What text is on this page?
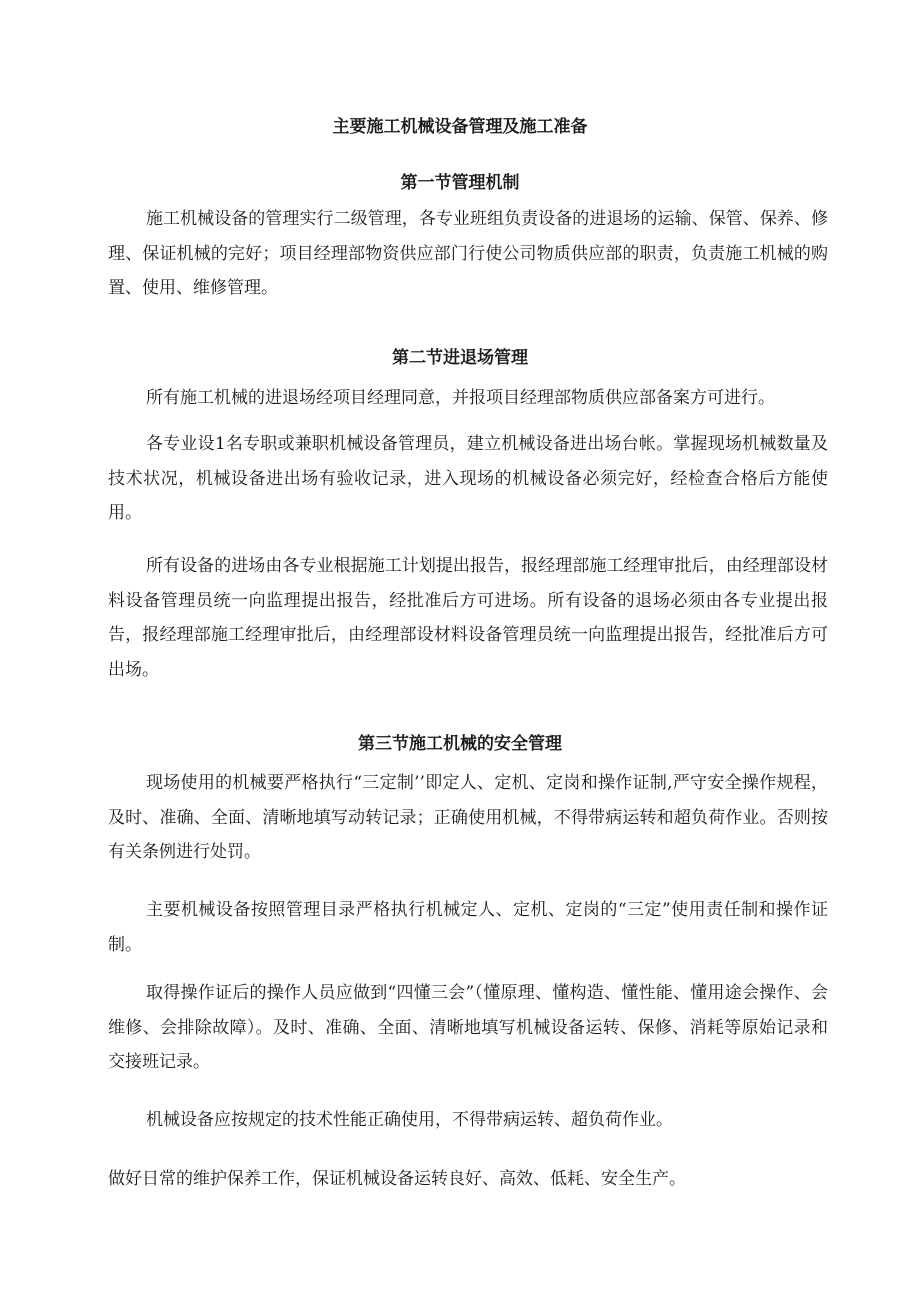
主要施工机械设备管理及施工准备
第一节管理机制

施工机械设备的管理实行二级管理，各专业班组负责设备的进退场的运输、保管、保养、修理、保证机械的完好；项目经理部物资供应部门行使公司物质供应部的职责，负责施工机械的购置、使用、维修管理。

第二节进退场管理

所有施工机械的进退场经项目经理同意，并报项目经理部物质供应部备案方可进行。

各专业设1名专职或兼职机械设备管理员，建立机械设备进出场台帐。掌握现场机械数量及技术状况，机械设备进出场有验收记录，进入现场的机械设备必须完好，经检查合格后方能使用。

所有设备的进场由各专业根据施工计划提出报告，报经理部施工经理审批后，由经理部设材料设备管理员统一向监理提出报告，经批准后方可进场。所有设备的退场必须由各专业提出报告，报经理部施工经理审批后，由经理部设材料设备管理员统一向监理提出报告，经批准后方可出场。

第三节施工机械的安全管理

现场使用的机械要严格执行“三定制’’即定人、定机、定岗和操作证制,严守安全操作规程，及时、准确、全面、清晰地填写动转记录；正确使用机械，不得带病运转和超负荷作业。否则按有关条例进行处罚。

主要机械设备按照管理目录严格执行机械定人、定机、定岗的“三定”使用责任制和操作证制。

取得操作证后的操作人员应做到“四懂三会”（懂原理、懂构造、懂性能、懂用途会操作、会维修、会排除故障）。及时、准确、全面、清晰地填写机械设备运转、保修、消耗等原始记录和交接班记录。

机械设备应按规定的技术性能正确使用，不得带病运转、超负荷作业。

做好日常的维护保养工作，保证机械设备运转良好、高效、低耗、安全生产。
